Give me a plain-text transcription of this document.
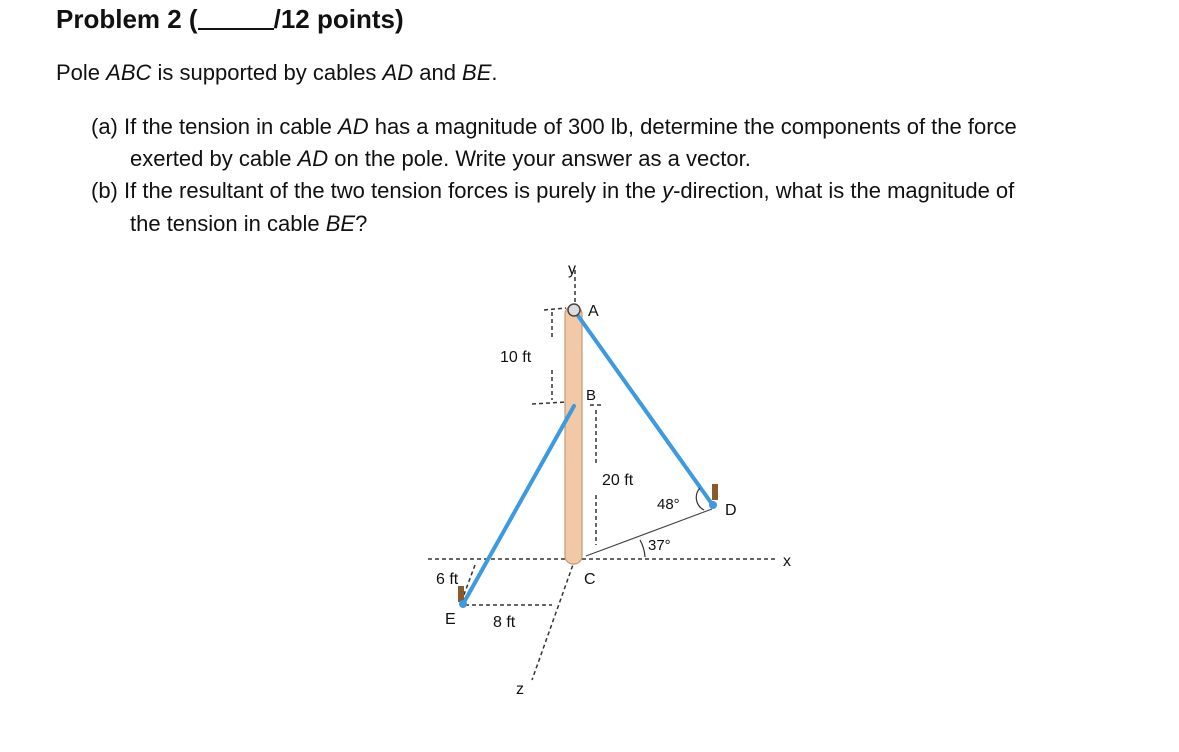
Problem 2 (	/12 points)
Pole ABC is supported by cables AD and BE.
(a) If the tension in cable AD has a magnitude of 300 lb, determine the components of the force
exerted by cable AD on the pole. Write your answer as a vector.
(b) If the resultant of the two tension forces is purely in the y-direction, what is the magnitude of
the tension in cable BE?
y
A
B
C
D
E
x
z
10 ft
20 ft
6 ft
8 ft
48°
37°
